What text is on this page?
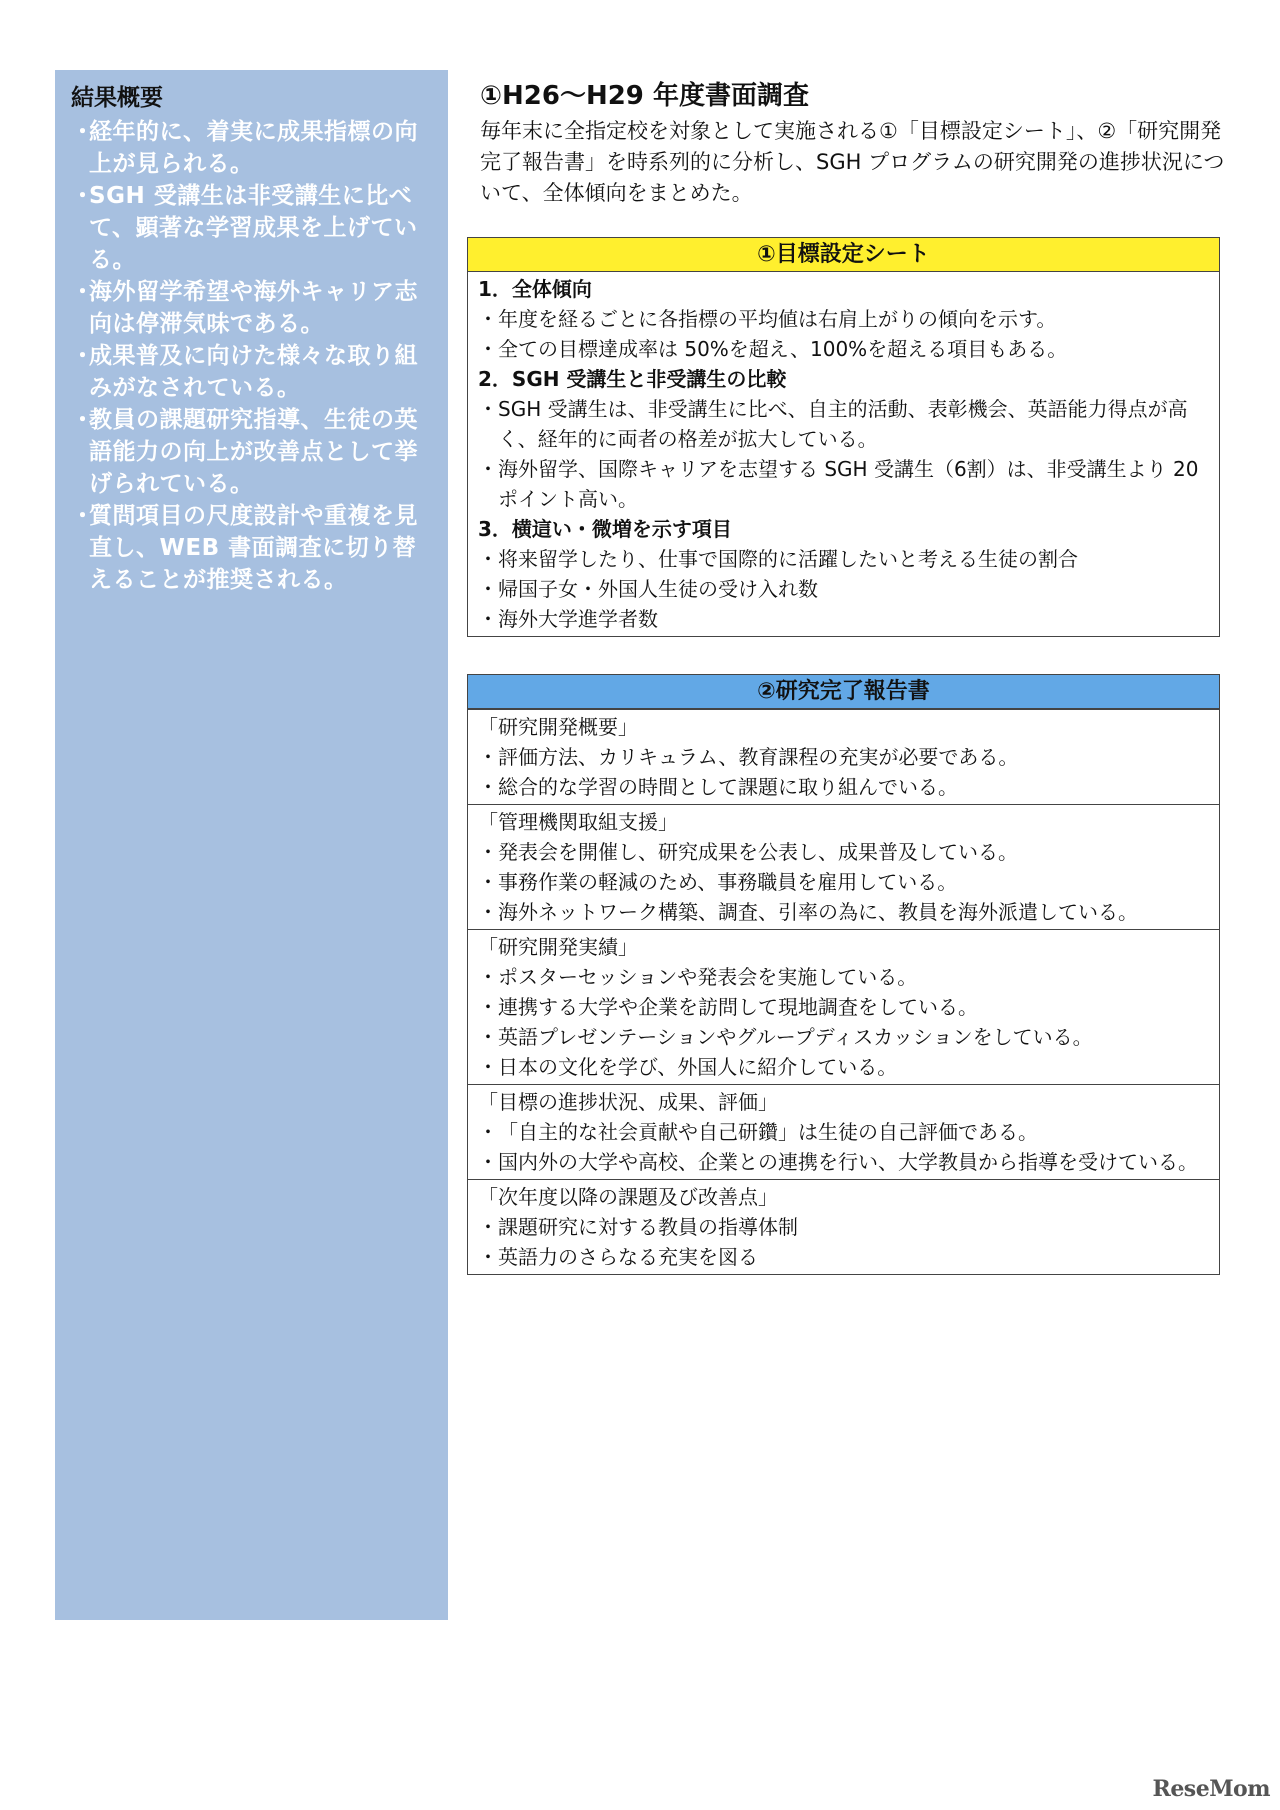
結果概要
・ 経年的に、着実に成果指標の向上が見られる。
・ SGH 受講生は非受講生に比べて、顕著な学習成果を上げている。
・ 海外留学希望や海外キャリア志向は停滞気味である。
・ 成果普及に向けた様々な取り組みがなされている。
・ 教員の課題研究指導、生徒の英語能力の向上が改善点として挙げられている。
・ 質問項目の尺度設計や重複を見直し、WEB 書面調査に切り替えることが推奨される。
①H26〜H29 年度書面調査
毎年末に全指定校を対象として実施される①「目標設定シート」、②「研究開発完了報告書」を時系列的に分析し、SGH プログラムの研究開発の進捗状況について、全体傾向をまとめた。
①目標設定シート
1．全体傾向
・ 年度を経るごとに各指標の平均値は右肩上がりの傾向を示す。
・ 全ての目標達成率は 50%を超え、100%を超える項目もある。
2．SGH 受講生と非受講生の比較
・ SGH 受講生は、非受講生に比べ、自主的活動、表彰機会、英語能力得点が高く、経年的に両者の格差が拡大している。
・ 海外留学、国際キャリアを志望する SGH 受講生（6割）は、非受講生より 20 ポイント高い。
3．横這い・微増を示す項目
・ 将来留学したり、仕事で国際的に活躍したいと考える生徒の割合
・ 帰国子女・外国人生徒の受け入れ数
・ 海外大学進学者数
②研究完了報告書
「研究開発概要」
・ 評価方法、カリキュラム、教育課程の充実が必要である。
・ 総合的な学習の時間として課題に取り組んでいる。
「管理機関取組支援」
・ 発表会を開催し、研究成果を公表し、成果普及している。
・ 事務作業の軽減のため、事務職員を雇用している。
・ 海外ネットワーク構築、調査、引率の為に、教員を海外派遣している。
「研究開発実績」
・ ポスターセッションや発表会を実施している。
・ 連携する大学や企業を訪問して現地調査をしている。
・ 英語プレゼンテーションやグループディスカッションをしている。
・ 日本の文化を学び、外国人に紹介している。
「目標の進捗状況、成果、評価」
・ 「自主的な社会貢献や自己研鑽」は生徒の自己評価である。
・ 国内外の大学や高校、企業との連携を行い、大学教員から指導を受けている。
「次年度以降の課題及び改善点」
・ 課題研究に対する教員の指導体制
・ 英語力のさらなる充実を図る
ReseMom
